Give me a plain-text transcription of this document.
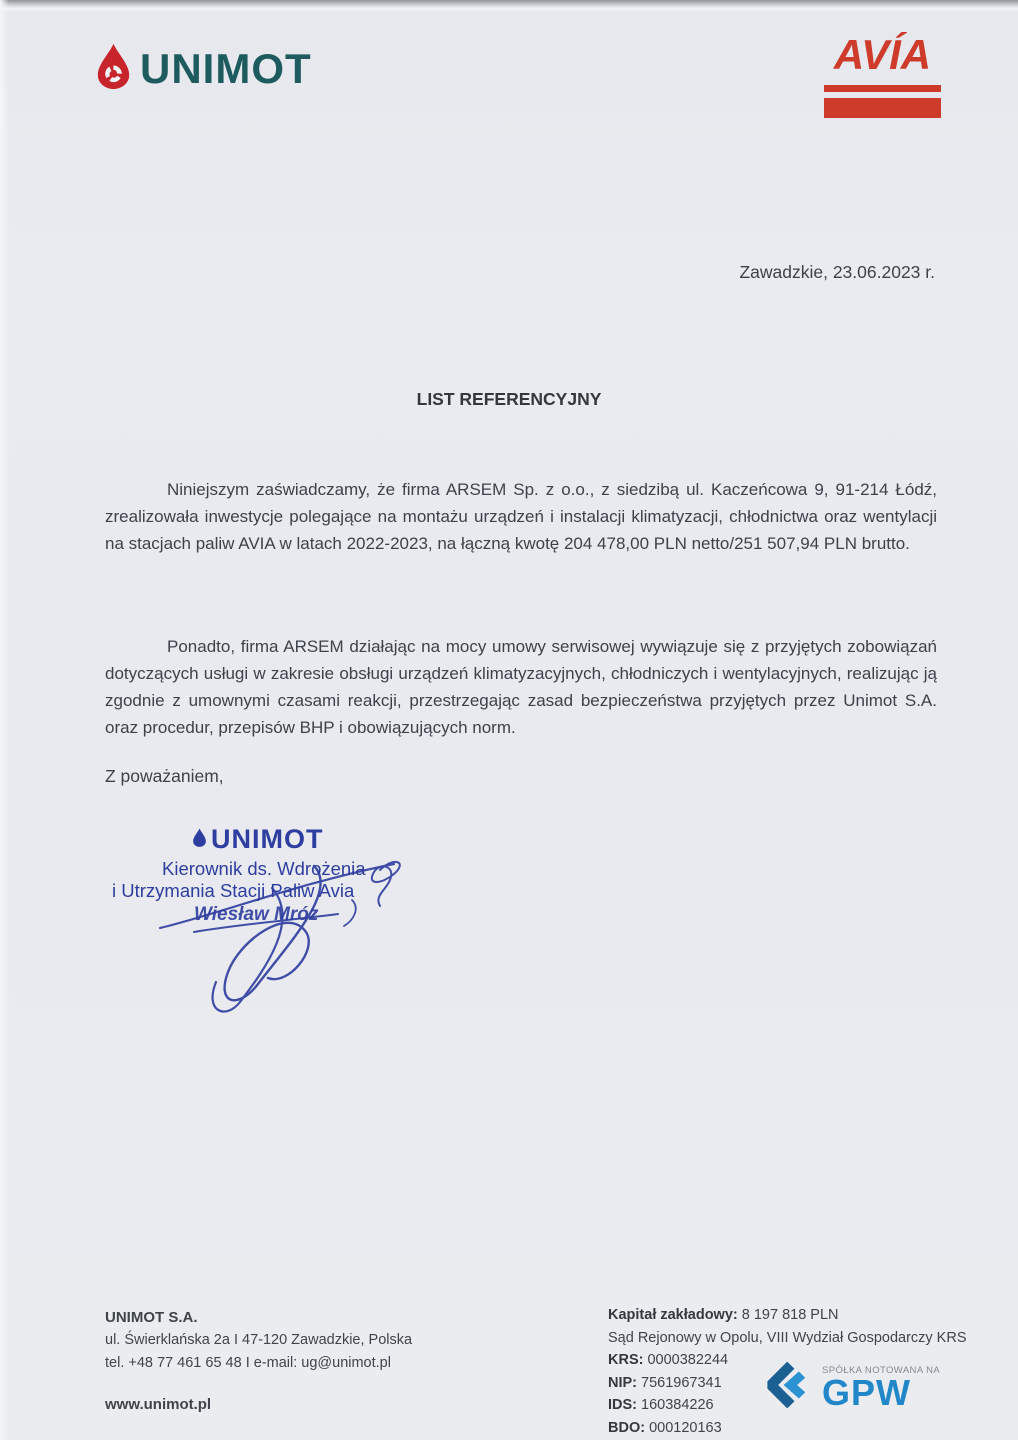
UNIMOT	AVÍA
Zawadzkie, 23.06.2023 r.
LIST REFERENCYJNY

Niniejszym zaświadczamy, że firma ARSEM Sp. z o.o., z siedzibą ul. Kaczeńcowa 9, 91-214 Łódź, zrealizowała inwestycje polegające na montażu urządzeń i instalacji klimatyzacji, chłodnictwa oraz wentylacji na stacjach paliw AVIA w latach 2022-2023, na łączną kwotę 204 478,00 PLN netto/251 507,94 PLN brutto.

Ponadto, firma ARSEM działając na mocy umowy serwisowej wywiązuje się z przyjętych zobowiązań dotyczących usługi w zakresie obsługi urządzeń klimatyzacyjnych, chłodniczych i wentylacyjnych, realizując ją zgodnie z umownymi czasami reakcji, przestrzegając zasad bezpieczeństwa przyjętych przez Unimot S.A. oraz procedur, przepisów BHP i obowiązujących norm.

Z poważaniem,
UNIMOT
Kierownik ds. Wdrożenia
i Utrzymania Stacji Paliw Avia
Wiesław Mróz
UNIMOT S.A.
ul. Świerklańska 2a I 47-120 Zawadzkie, Polska
tel. +48 77 461 65 48 I e-mail: ug@unimot.pl
www.unimot.pl
Kapitał zakładowy: 8 197 818 PLN
Sąd Rejonowy w Opolu, VIII Wydział Gospodarczy KRS
KRS: 0000382244
NIP: 7561967341
IDS: 160384226
BDO: 000120163
SPÓŁKA NOTOWANA NA
GPW
